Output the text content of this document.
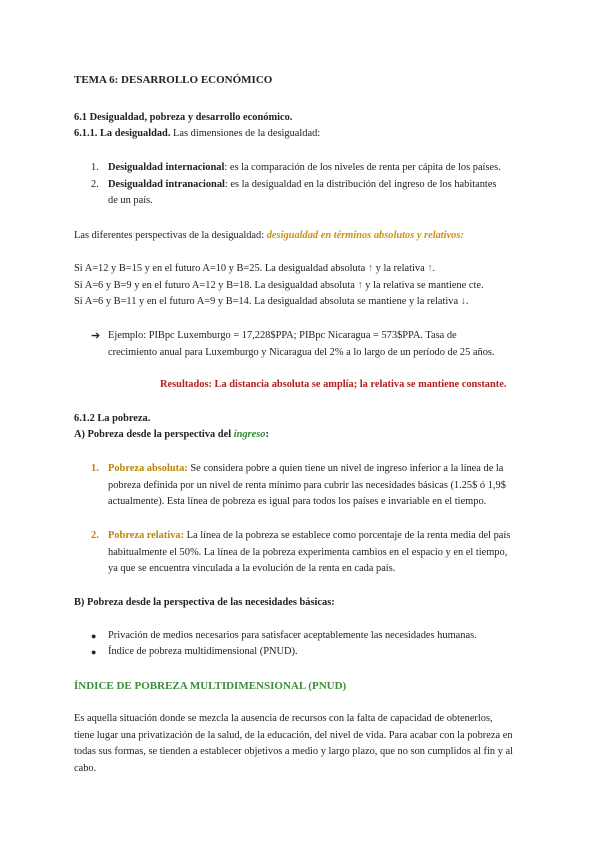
TEMA 6: DESARROLLO ECONÓMICO
6.1 Desigualdad, pobreza y desarrollo económico.
6.1.1. La desigualdad. Las dimensiones de la desigualdad:
1. Desigualdad internacional: es la comparación de los niveles de renta per cápita de los países.
2. Desigualdad intranacional: es la desigualdad en la distribución del ingreso de los habitantes
de un país.
Las diferentes perspectivas de la desigualdad: desigualdad en términos absolutos y relativos:
Si A=12 y B=15 y en el futuro A=10 y B=25. La desigualdad absoluta ↑ y la relativa ↑.
Si A=6 y B=9 y en el futuro A=12 y B=18. La desigualdad absoluta ↑ y la relativa se mantiene cte.
Si A=6 y B=11 y en el futuro A=9 y B=14. La desigualdad absoluta se mantiene y la relativa ↓.
➔ Ejemplo: PIBpc Luxemburgo = 17,228$PPA; PIBpc Nicaragua = 573$PPA. Tasa de
crecimiento anual para Luxemburgo y Nicaragua del 2% a lo largo de un período de 25 años.
Resultados: La distancia absoluta se amplía; la relativa se mantiene constante.
6.1.2 La pobreza.
A) Pobreza desde la perspectiva del ingreso:
1. Pobreza absoluta: Se considera pobre a quien tiene un nivel de ingreso inferior a la línea de la
pobreza definida por un nivel de renta mínimo para cubrir las necesidades básicas (1.25$ ó 1,9$
actualmente). Esta línea de pobreza es igual para todos los países e invariable en el tiempo.
2. Pobreza relativa: La línea de la pobreza se establece como porcentaje de la renta media del país
habitualmente el 50%. La línea de la pobreza experimenta cambios en el espacio y en el tiempo,
ya que se encuentra vinculada a la evolución de la renta en cada país.
B) Pobreza desde la perspectiva de las necesidades básicas:
● Privación de medios necesarios para satisfacer aceptablemente las necesidades humanas.
● Índice de pobreza multidimensional (PNUD).
ÍNDICE DE POBREZA MULTIDIMENSIONAL (PNUD)
Es aquella situación donde se mezcla la ausencia de recursos con la falta de capacidad de obtenerlos,
tiene lugar una privatización de la salud, de la educación, del nivel de vida. Para acabar con la pobreza en
todas sus formas, se tienden a establecer objetivos a medio y largo plazo, que no son cumplidos al fin y al
cabo.
